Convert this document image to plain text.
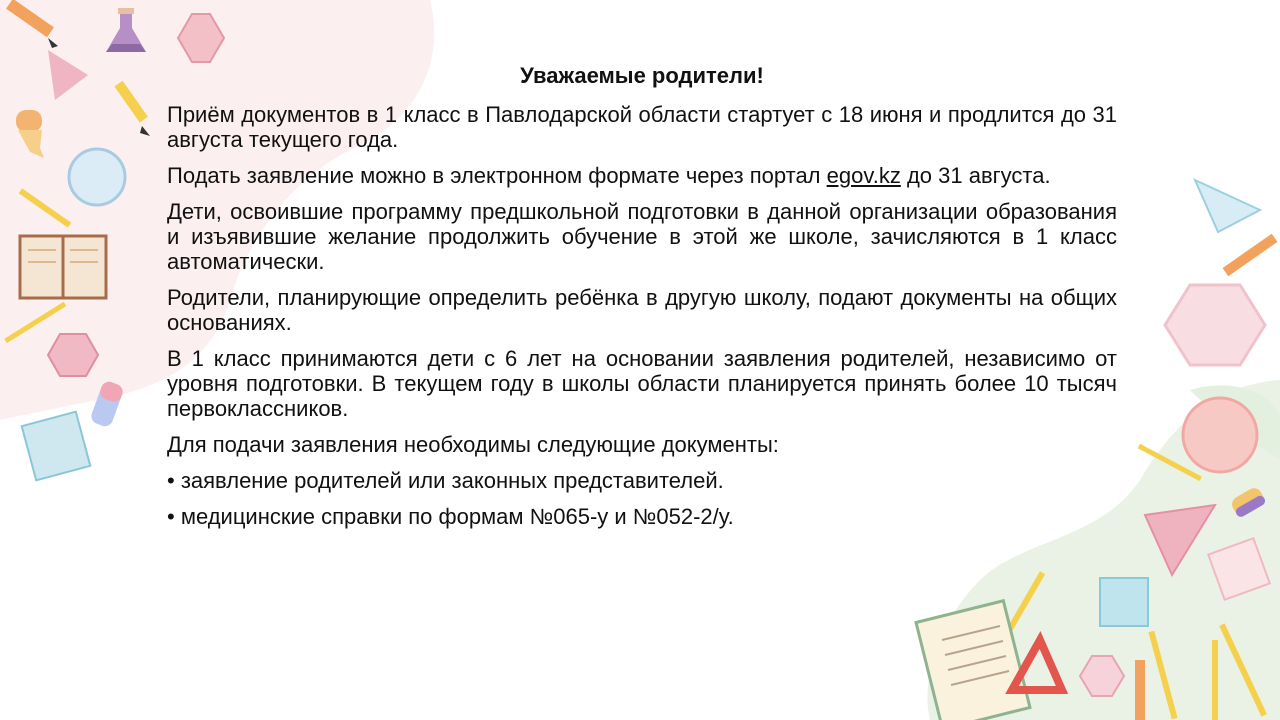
Уважаемые родители!
Приём документов в 1 класс в Павлодарской области стартует с 18 июня и продлится до 31 августа текущего года.
Подать заявление можно в электронном формате через портал egov.kz до 31 августа.
Дети, освоившие программу предшкольной подготовки в данной организации образования и изъявившие желание продолжить обучение в этой же школе, зачисляются в 1 класс автоматически.
Родители, планирующие определить ребёнка в другую школу, подают документы на общих основаниях.
В 1 класс принимаются дети с 6 лет на основании заявления родителей, независимо от уровня подготовки. В текущем году в школы области планируется принять более 10 тысяч первоклассников.
Для подачи заявления необходимы следующие документы:
• заявление родителей или законных представителей.
• медицинские справки по формам №065-у и №052-2/у.
